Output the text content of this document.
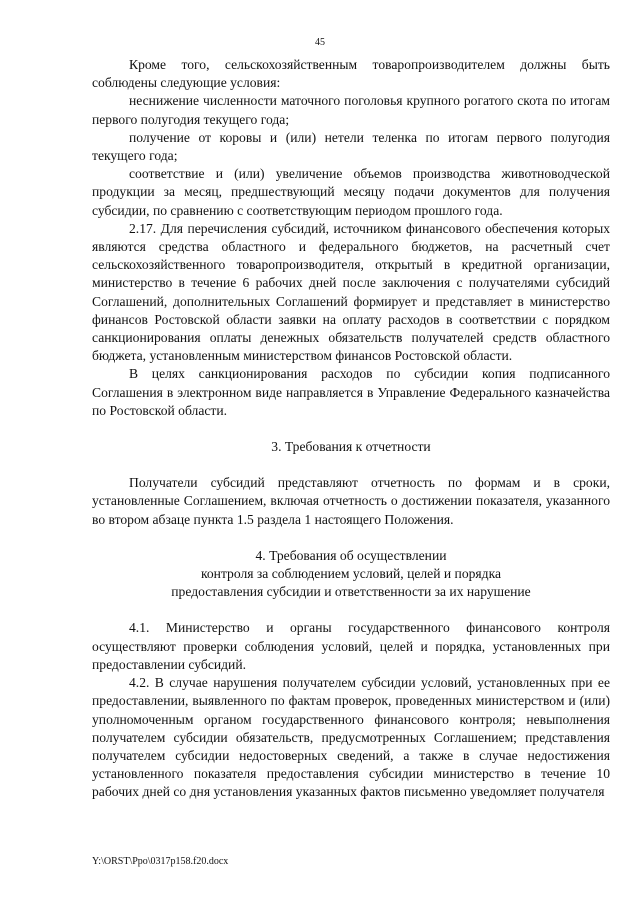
45

Кроме того, сельскохозяйственным товаропроизводителем должны быть соблюдены следующие условия:

неснижение численности маточного поголовья крупного рогатого скота по итогам первого полугодия текущего года;

получение от коровы и (или) нетели теленка по итогам первого полугодия текущего года;

соответствие и (или) увеличение объемов производства животноводческой продукции за месяц, предшествующий месяцу подачи документов для получения субсидии, по сравнению с соответствующим периодом прошлого года.

2.17. Для перечисления субсидий, источником финансового обеспечения которых являются средства областного и федерального бюджетов, на расчетный счет сельскохозяйственного товаропроизводителя, открытый в кредитной организации, министерство в течение 6 рабочих дней после заключения с получателями субсидий Соглашений, дополнительных Соглашений формирует и представляет в министерство финансов Ростовской области заявки на оплату расходов в соответствии с порядком санкционирования оплаты денежных обязательств получателей средств областного бюджета, установленным министерством финансов Ростовской области.

В целях санкционирования расходов по субсидии копия подписанного Соглашения в электронном виде направляется в Управление Федерального казначейства по Ростовской области.

3. Требования к отчетности

Получатели субсидий представляют отчетность по формам и в сроки, установленные Соглашением, включая отчетность о достижении показателя, указанного во втором абзаце пункта 1.5 раздела 1 настоящего Положения.

4. Требования об осуществлении
контроля за соблюдением условий, целей и порядка
предоставления субсидии и ответственности за их нарушение

4.1. Министерство и органы государственного финансового контроля осуществляют проверки соблюдения условий, целей и порядка, установленных при предоставлении субсидий.

4.2. В случае нарушения получателем субсидии условий, установленных при ее предоставлении, выявленного по фактам проверок, проведенных министерством и (или) уполномоченным органом государственного финансового контроля; невыполнения получателем субсидии обязательств, предусмотренных Соглашением; представления получателем субсидии недостоверных сведений, а также в случае недостижения установленного показателя предоставления субсидии министерство в течение 10 рабочих дней со дня установления указанных фактов письменно уведомляет получателя

Y:\ORST\Ppo\0317p158.f20.docx
